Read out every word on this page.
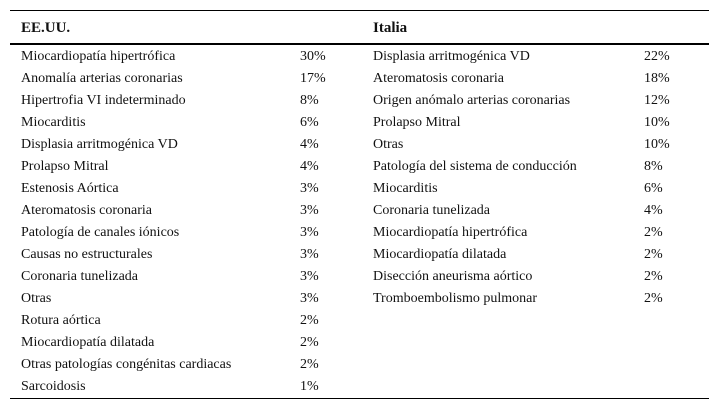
EE.UU.	Italia
Miocardiopatía hipertrófica	30%	Displasia arritmogénica VD	22%
Anomalía arterias coronarias	17%	Ateromatosis coronaria	18%
Hipertrofia VI indeterminado	8%	Origen anómalo arterias coronarias	12%
Miocarditis	6%	Prolapso Mitral	10%
Displasia arritmogénica VD	4%	Otras	10%
Prolapso Mitral	4%	Patología del sistema de conducción	8%
Estenosis Aórtica	3%	Miocarditis	6%
Ateromatosis coronaria	3%	Coronaria tunelizada	4%
Patología de canales iónicos	3%	Miocardiopatía hipertrófica	2%
Causas no estructurales	3%	Miocardiopatía dilatada	2%
Coronaria tunelizada	3%	Disección aneurisma aórtico	2%
Otras	3%	Tromboembolismo pulmonar	2%
Rotura aórtica	2%
Miocardiopatía dilatada	2%
Otras patologías congénitas cardiacas	2%
Sarcoidosis	1%
